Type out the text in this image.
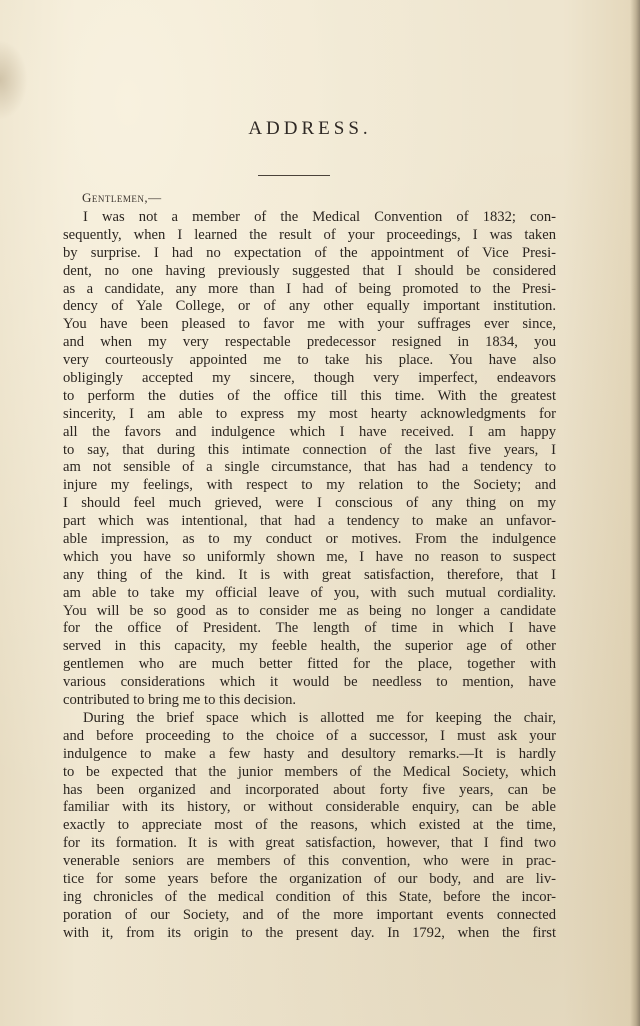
ADDRESS.
Gentlemen,—
I was not a member of the Medical Convention of 1832; con-
sequently, when I learned the result of your proceedings, I was taken
by surprise. I had no expectation of the appointment of Vice Presi-
dent, no one having previously suggested that I should be considered
as a candidate, any more than I had of being promoted to the Presi-
dency of Yale College, or of any other equally important institution.
You have been pleased to favor me with your suffrages ever since,
and when my very respectable predecessor resigned in 1834, you
very courteously appointed me to take his place. You have also
obligingly accepted my sincere, though very imperfect, endeavors
to perform the duties of the office till this time. With the greatest
sincerity, I am able to express my most hearty acknowledgments for
all the favors and indulgence which I have received. I am happy
to say, that during this intimate connection of the last five years, I
am not sensible of a single circumstance, that has had a tendency to
injure my feelings, with respect to my relation to the Society; and
I should feel much grieved, were I conscious of any thing on my
part which was intentional, that had a tendency to make an unfavor-
able impression, as to my conduct or motives. From the indulgence
which you have so uniformly shown me, I have no reason to suspect
any thing of the kind. It is with great satisfaction, therefore, that I
am able to take my official leave of you, with such mutual cordiality.
You will be so good as to consider me as being no longer a candidate
for the office of President. The length of time in which I have
served in this capacity, my feeble health, the superior age of other
gentlemen who are much better fitted for the place, together with
various considerations which it would be needless to mention, have
contributed to bring me to this decision.
During the brief space which is allotted me for keeping the chair,
and before proceeding to the choice of a successor, I must ask your
indulgence to make a few hasty and desultory remarks.—It is hardly
to be expected that the junior members of the Medical Society, which
has been organized and incorporated about forty five years, can be
familiar with its history, or without considerable enquiry, can be able
exactly to appreciate most of the reasons, which existed at the time,
for its formation. It is with great satisfaction, however, that I find two
venerable seniors are members of this convention, who were in prac-
tice for some years before the organization of our body, and are liv-
ing chronicles of the medical condition of this State, before the incor-
poration of our Society, and of the more important events connected
with it, from its origin to the present day. In 1792, when the first
